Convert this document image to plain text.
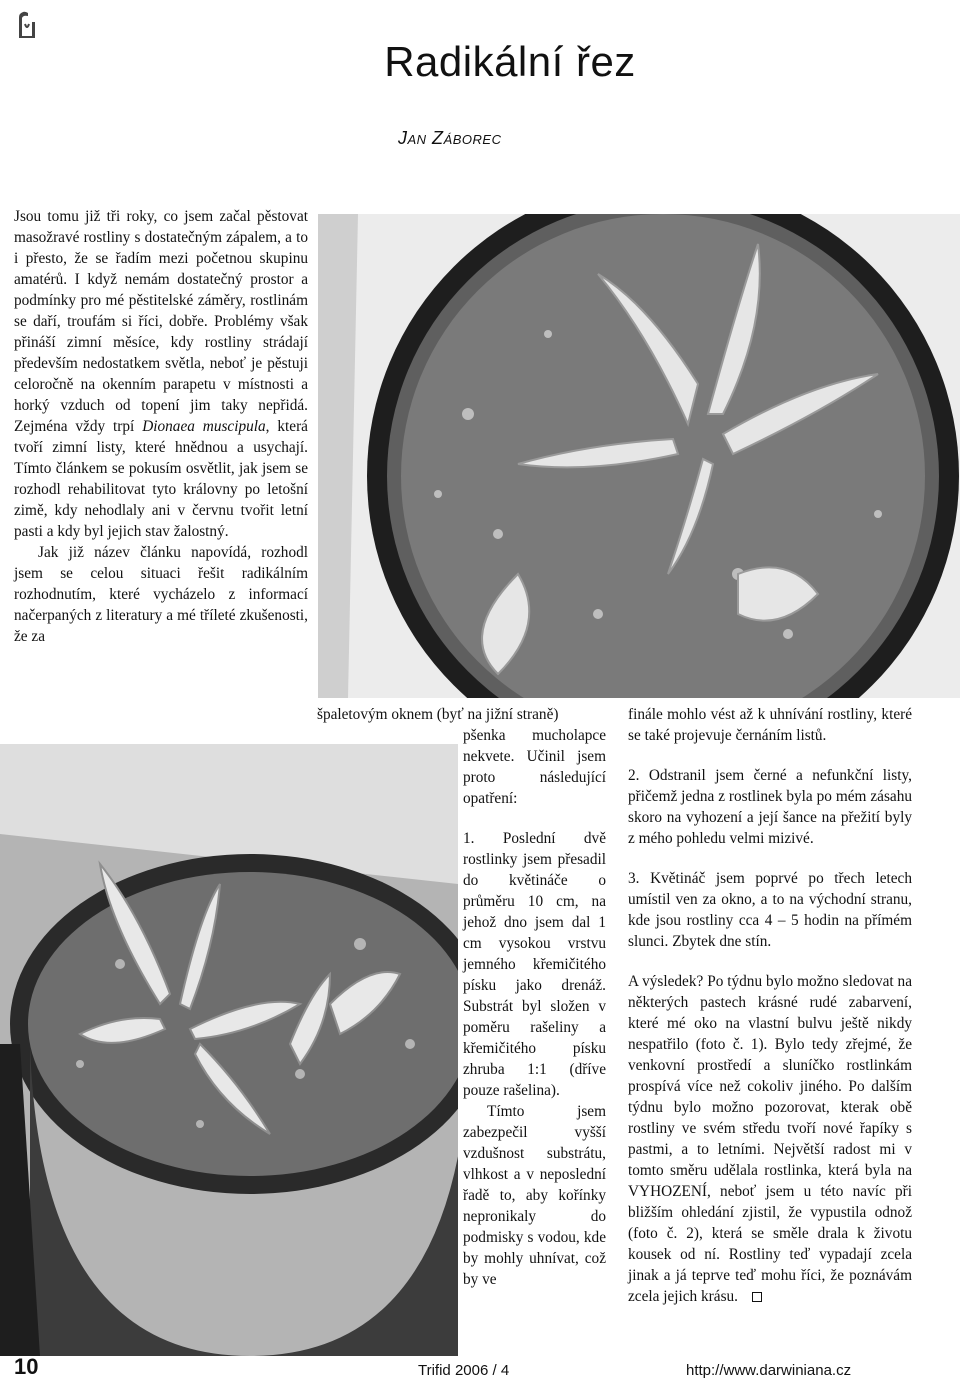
Radikální řez
Jan Záborec

Jsou tomu již tři roky, co jsem začal pěstovat masožravé rostliny s dostatečným zápalem, a to i přesto, že se řadím mezi početnou skupinu amatérů. I když nemám dostatečný prostor a podmínky pro mé pěstitelské záměry, rostlinám se daří, troufám si říci, dobře. Problémy však přináší zimní měsíce, kdy rostliny strádají především nedostatkem světla, neboť je pěstuji celoročně na okenním parapetu v místnosti a horký vzduch od topení jim taky nepřidá. Zejména vždy trpí Dionaea muscipula, která tvoří zimní listy, které hnědnou a usychají. Tímto článkem se pokusím osvětlit, jak jsem se rozhodl rehabilitovat tyto královny po letošní zimě, kdy nehodlaly ani v červnu tvořit letní pasti a kdy byl jejich stav žalostný.

Jak již název článku napovídá, rozhodl jsem se celou situaci řešit radikálním rozhodnutím, které vycházelo z informací načerpaných z literatury a mé tříleté zkušenosti, že za

špaletovým oknem (byť na jižní straně)

pšenka mucholapce nekvete. Učinil jsem proto následující opatření:

1. Poslední dvě rostlinky jsem přesadil do květináče o průměru 10 cm, na jehož dno jsem dal 1 cm vysokou vrstvu jemného křemičitého písku jako drenáž. Substrát byl složen v poměru rašeliny a křemičitého písku zhruba 1:1 (dříve pouze rašelina).

Tímto jsem zabezpečil vyšší vzdušnost substrátu, vlhkost a v neposlední řadě to, aby kořínky nepronikaly do podmisky s vodou, kde by mohly uhnívat, což by ve

finále mohlo vést až k uhnívání rostliny, které se také projevuje černáním listů.

2. Odstranil jsem černé a nefunkční listy, přičemž jedna z rostlinek byla po mém zásahu skoro na vyhození a její šance na přežití byly z mého pohledu velmi mizivé.

3. Květináč jsem poprvé po třech letech umístil ven za okno, a to na východní stranu, kde jsou rostliny cca 4 – 5 hodin na přímém slunci. Zbytek dne stín.

A výsledek? Po týdnu bylo možno sledovat na některých pastech krásné rudé zabarvení, které mé oko na vlastní bulvu ještě nikdy nespatřilo (foto č. 1). Bylo tedy zřejmé, že venkovní prostředí a sluníčko rostlinkám prospívá více než cokoliv jiného. Po dalším týdnu bylo možno pozorovat, kterak obě rostliny ve svém středu tvoří nové řapíky s pastmi, a to letními. Největší radost mi v tomto směru udělala rostlinka, která byla na VYHOZENÍ, neboť jsem u této navíc při bližším ohledání zjistil, že vypustila odnož (foto č. 2), která se směle drala k životu kousek od ní. Rostliny teď vypadají zcela jinak a já teprve teď mohu říci, že poznávám zcela jejich krásu.

10	Trifid 2006 / 4	http://www.darwiniana.cz
